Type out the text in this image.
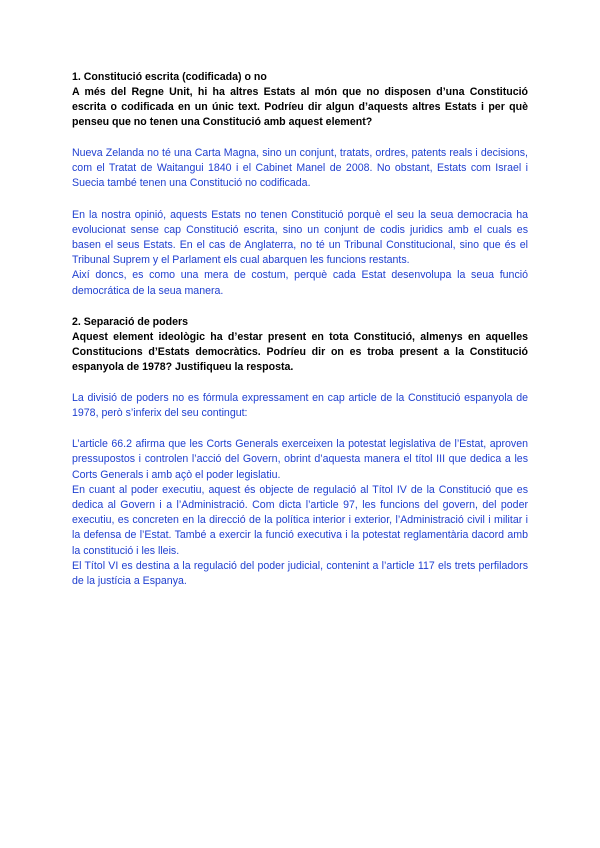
1. Constitució escrita (codificada) o no

A més del Regne Unit, hi ha altres Estats al món que no disposen d’una Constitució escrita o codificada en un únic text. Podríeu dir algun d’aquests altres Estats i per què penseu que no tenen una Constitució amb aquest element?

Nueva Zelanda no té una Carta Magna, sino un conjunt, tratats, ordres, patents reals i decisions, com el Tratat de Waitangui 1840 i el Cabinet Manel de 2008. No obstant, Estats com Israel i Suecia també tenen una Constitució no codificada.

En la nostra opinió, aquests Estats no tenen Constitució porquè el seu la seua democracia ha evolucionat sense cap Constitució escrita, sino un conjunt de codis juridics amb el cuals es basen el seus Estats. En el cas de Anglaterra, no té un Tribunal Constitucional, sino que és el Tribunal Suprem y el Parlament els cual abarquen les funcions restants.

Així doncs, es como una mera de costum, perquè cada Estat desenvolupa la seua funció democrática de la seua manera.

2. Separació de poders

Aquest element ideològic ha d’estar present en tota Constitució, almenys en aquelles Constitucions d’Estats democràtics. Podríeu dir on es troba present a la Constitució espanyola de 1978? Justifiqueu la resposta.

La divisió de poders no es fórmula expressament en cap article de la Constitució espanyola de 1978, però s’inferix del seu contingut:

L’article 66.2 afirma que les Corts Generals exerceixen la potestat legislativa de l’Estat, aproven pressupostos i controlen l’acció del Govern, obrint d’aquesta manera el títol III que dedica a les Corts Generals i amb açò el poder legislatiu.

En cuant al poder executiu, aquest és objecte de regulació al Títol IV de la Constitució que es dedica al Govern i a l’Administració. Com dicta l’article 97, les funcions del govern, del poder executiu, es concreten en la direcció de la política interior i exterior, l’Administració civil i militar i la defensa de l’Estat. També a exercir la funció executiva i la potestat reglamentària dacord amb la constitució i les lleis.

El Títol VI es destina a la regulació del poder judicial, contenint a l’article 117 els trets perfiladors de la justícia a Espanya.
